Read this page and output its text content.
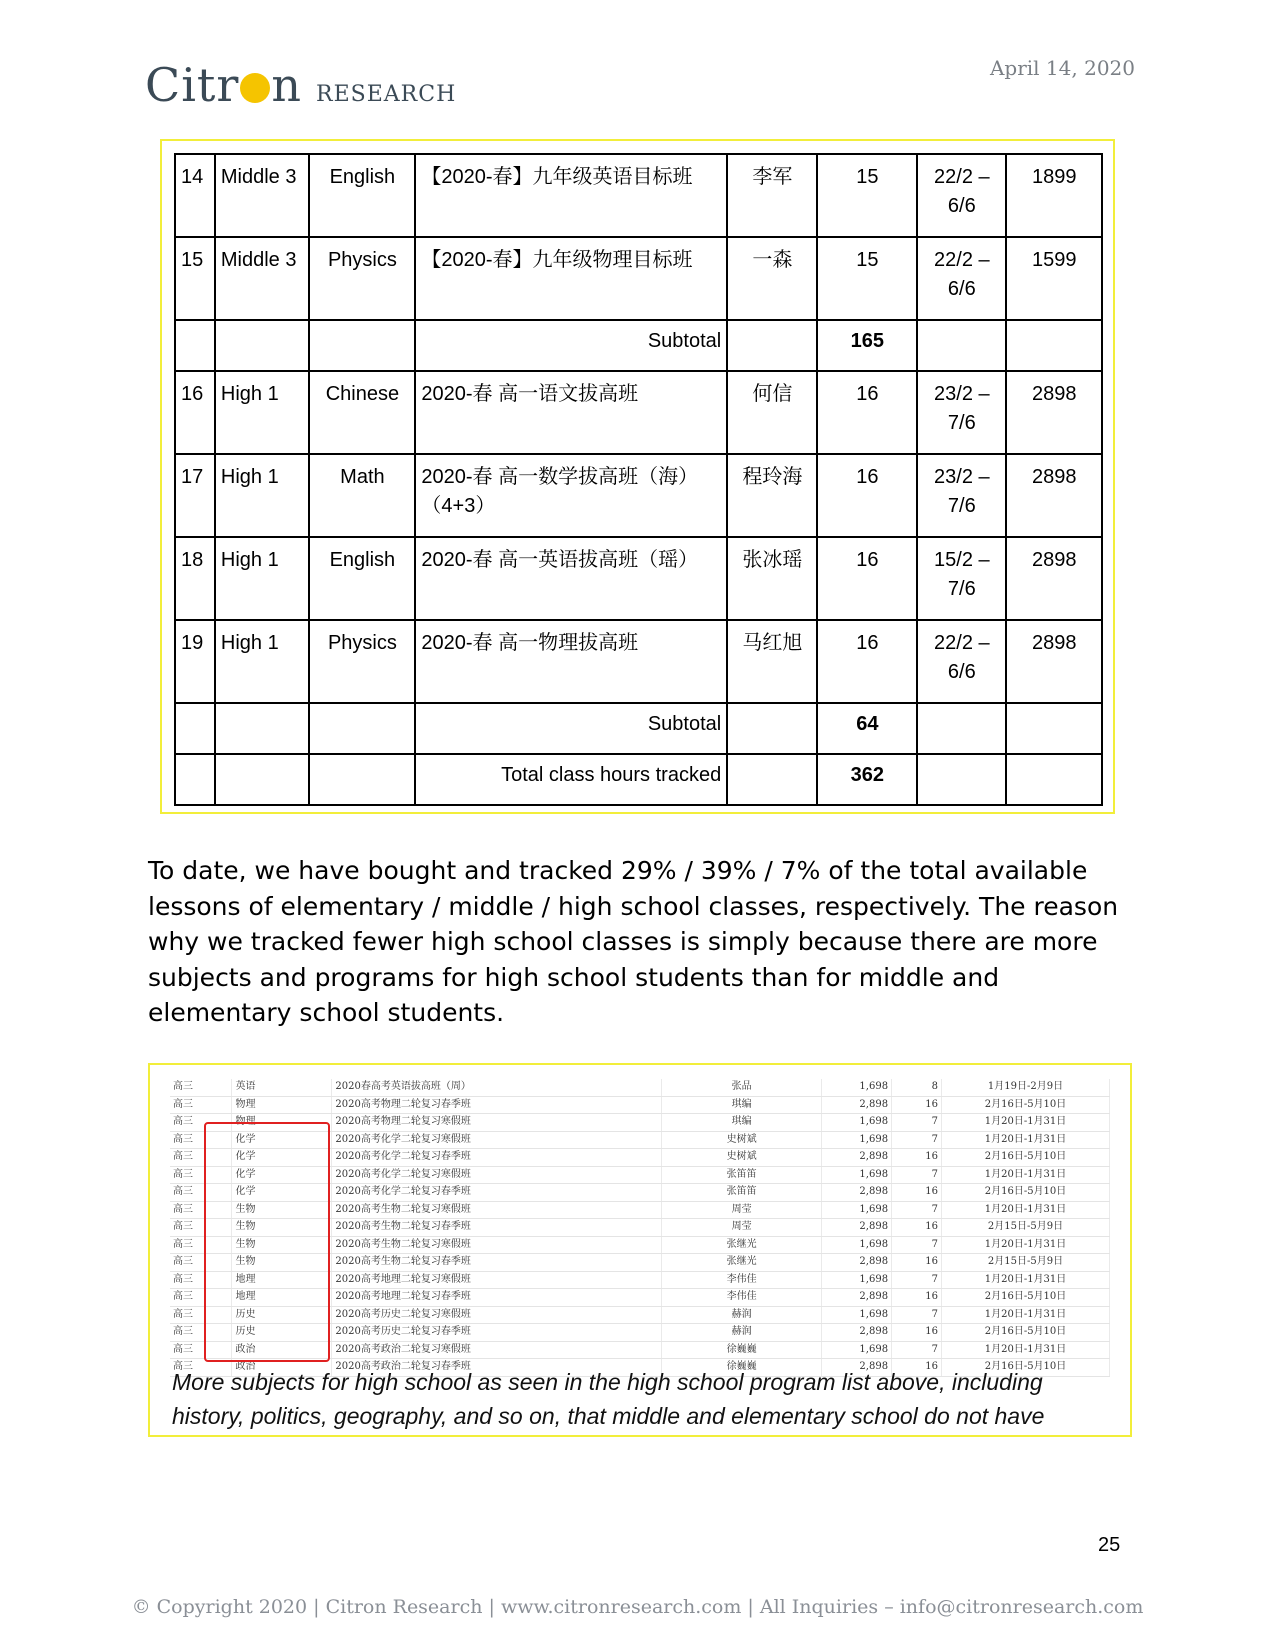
Citr n RESEARCH
April 14, 2020
14	Middle 3	English	【2020-春】九年级英语目标班	李军	15	22/2 – 6/6	1899
15	Middle 3	Physics	【2020-春】九年级物理目标班	一森	15	22/2 – 6/6	1599
			Subtotal		165		
16	High 1	Chinese	2020-春 高一语文拔高班	何信	16	23/2 – 7/6	2898
17	High 1	Math	2020-春 高一数学拔高班（海）（4+3）	程玲海	16	23/2 – 7/6	2898
18	High 1	English	2020-春 高一英语拔高班（瑶）	张冰瑶	16	15/2 – 7/6	2898
19	High 1	Physics	2020-春 高一物理拔高班	马红旭	16	22/2 – 6/6	2898
			Subtotal		64		
			Total class hours tracked		362		
To date, we have bought and tracked 29% / 39% / 7% of the total available lessons of elementary / middle / high school classes, respectively. The reason why we tracked fewer high school classes is simply because there are more subjects and programs for high school students than for middle and elementary school students.
高三	英语	2020春高考英语拔高班（周）	张品	1,698	8	1月19日-2月9日
高三	物理	2020高考物理二轮复习春季班	琪编	2,898	16	2月16日-5月10日
高三	物理	2020高考物理二轮复习寒假班	琪编	1,698	7	1月20日-1月31日
高三	化学	2020高考化学二轮复习寒假班	史树斌	1,698	7	1月20日-1月31日
高三	化学	2020高考化学二轮复习春季班	史树斌	2,898	16	2月16日-5月10日
高三	化学	2020高考化学二轮复习寒假班	张笛笛	1,698	7	1月20日-1月31日
高三	化学	2020高考化学二轮复习春季班	张笛笛	2,898	16	2月16日-5月10日
高三	生物	2020高考生物二轮复习寒假班	周莹	1,698	7	1月20日-1月31日
高三	生物	2020高考生物二轮复习春季班	周莹	2,898	16	2月15日-5月9日
高三	生物	2020高考生物二轮复习寒假班	张继光	1,698	7	1月20日-1月31日
高三	生物	2020高考生物二轮复习春季班	张继光	2,898	16	2月15日-5月9日
高三	地理	2020高考地理二轮复习寒假班	李伟佳	1,698	7	1月20日-1月31日
高三	地理	2020高考地理二轮复习春季班	李伟佳	2,898	16	2月16日-5月10日
高三	历史	2020高考历史二轮复习寒假班	赫润	1,698	7	1月20日-1月31日
高三	历史	2020高考历史二轮复习春季班	赫润	2,898	16	2月16日-5月10日
高三	政治	2020高考政治二轮复习寒假班	徐巍巍	1,698	7	1月20日-1月31日
高三	政治	2020高考政治二轮复习春季班	徐巍巍	2,898	16	2月16日-5月10日
More subjects for high school as seen in the high school program list above, including history, politics, geography, and so on, that middle and elementary school do not have
25
© Copyright 2020 | Citron Research | www.citronresearch.com | All Inquiries – info@citronresearch.com
